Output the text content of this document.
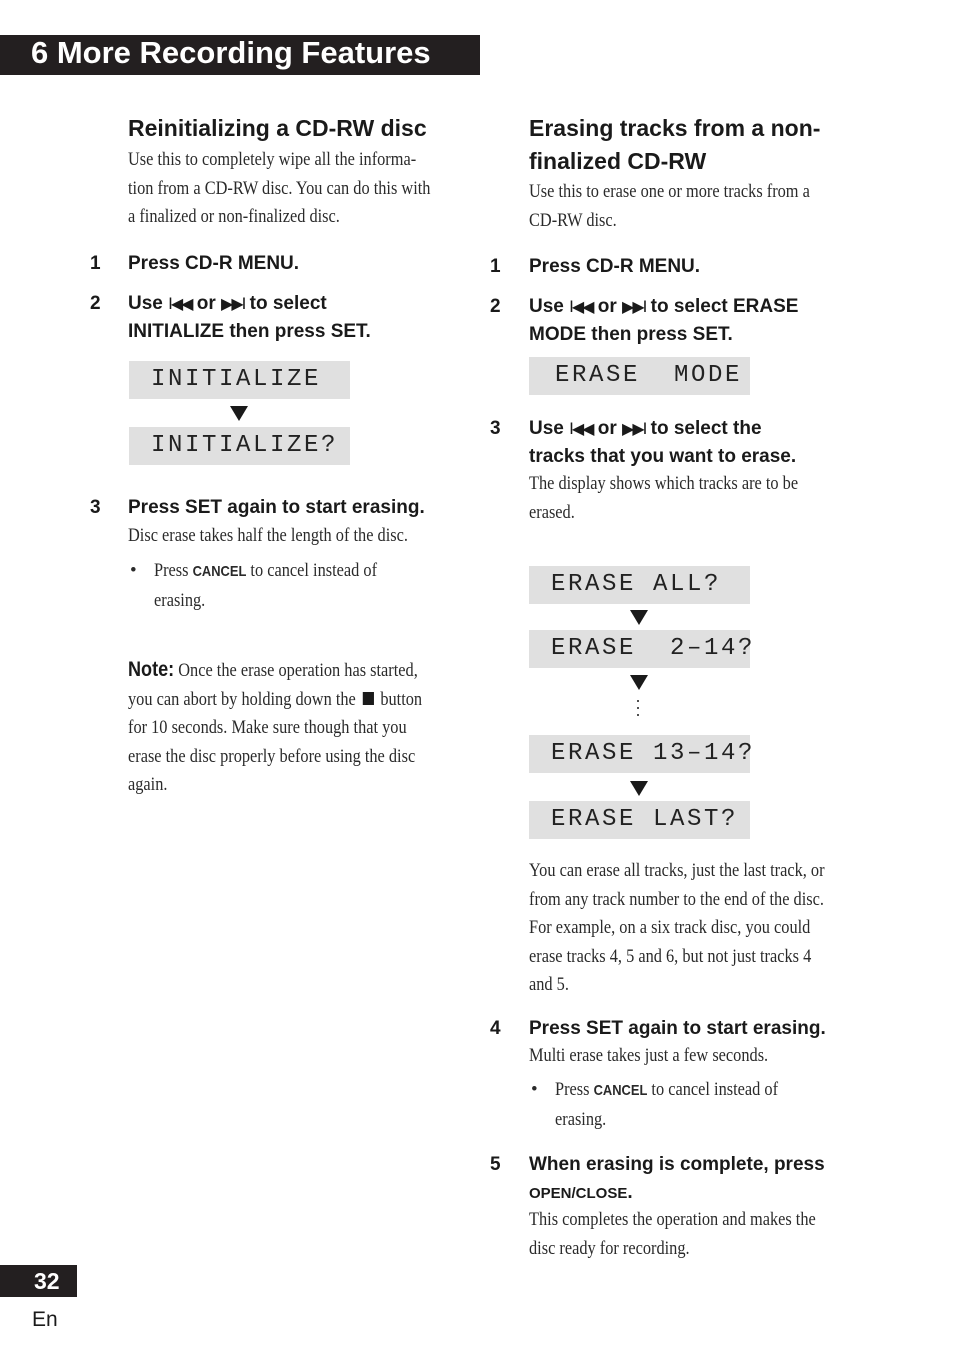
6 More Recording Features
Reinitializing a CD-RW disc
Use this to completely wipe all the informa-
tion from a CD-RW disc. You can do this with
a finalized or non-finalized disc.
1 Press CD-R MENU.
2 Use I◀◀ or ▶▶I to select
INITIALIZE then press SET.
INITIALIZE
INITIALIZE?
3 Press SET again to start erasing.
Disc erase takes half the length of the disc.
• Press CANCEL to cancel instead of
erasing.
Note: Once the erase operation has started,
you can abort by holding down the button
for 10 seconds. Make sure though that you
erase the disc properly before using the disc
again.
Erasing tracks from a non-
finalized CD-RW
Use this to erase one or more tracks from a
CD-RW disc.
1 Press CD-R MENU.
2 Use I◀◀ or ▶▶I to select ERASE
MODE then press SET.
ERASE  MODE
3 Use I◀◀ or ▶▶I to select the
tracks that you want to erase.
The display shows which tracks are to be
erased.
ERASE ALL?
ERASE  2–14?
ERASE 13–14?
ERASE LAST?
You can erase all tracks, just the last track, or
from any track number to the end of the disc.
For example, on a six track disc, you could
erase tracks 4, 5 and 6, but not just tracks 4
and 5.
4 Press SET again to start erasing.
Multi erase takes just a few seconds.
• Press CANCEL to cancel instead of
erasing.
5 When erasing is complete, press
OPEN/CLOSE.
This completes the operation and makes the
disc ready for recording.
32
En
